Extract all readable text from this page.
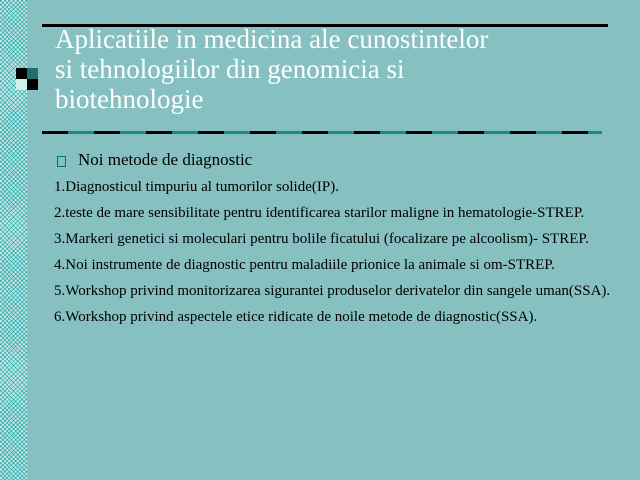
Aplicatiile in medicina ale cunostintelor
si tehnologiilor din genomicia si
biotehnologie
Noi metode de diagnostic
1.Diagnosticul timpuriu al tumorilor solide(IP).
2.teste de mare sensibilitate pentru identificarea starilor maligne in hematologie-STREP.
3.Markeri genetici si moleculari pentru bolile ficatului (focalizare pe alcoolism)- STREP.
4.Noi instrumente de diagnostic pentru maladiile prionice la animale si om-STREP.
5.Workshop privind monitorizarea sigurantei produselor derivatelor din sangele uman(SSA).
6.Workshop privind aspectele etice ridicate de noile metode de diagnostic(SSA).
